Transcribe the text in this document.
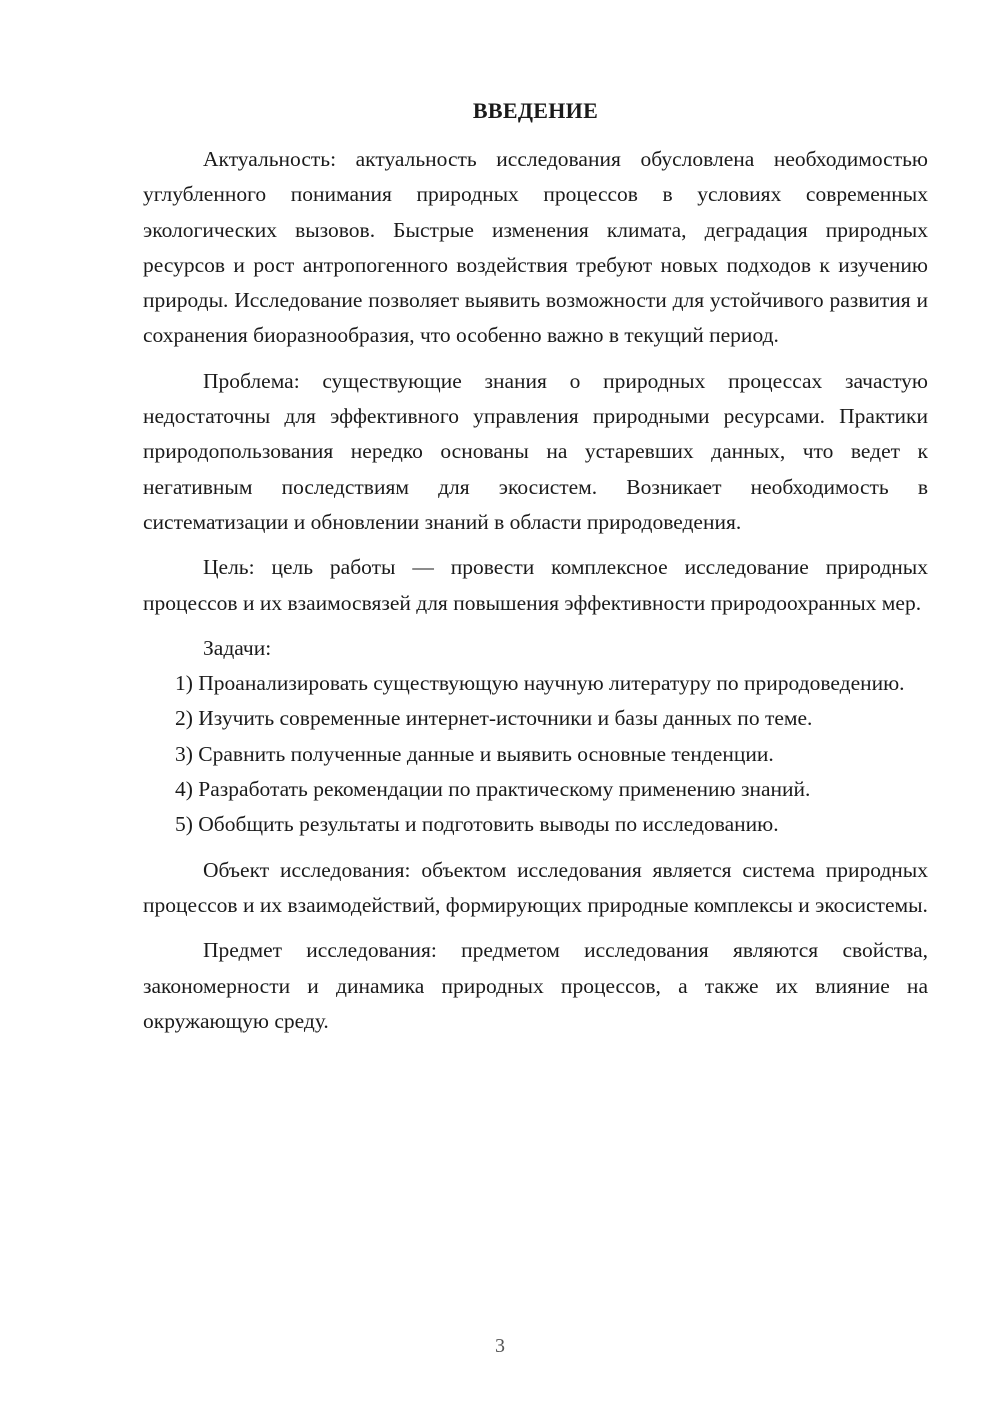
ВВЕДЕНИЕ

Актуальность: актуальность исследования обусловлена необходимостью углубленного понимания природных процессов в условиях современных экологических вызовов. Быстрые изменения климата, деградация природных ресурсов и рост антропогенного воздействия требуют новых подходов к изучению природы. Исследование позволяет выявить возможности для устойчивого развития и сохранения биоразнообразия, что особенно важно в текущий период.

Проблема: существующие знания о природных процессах зачастую недостаточны для эффективного управления природными ресурсами. Практики природопользования нередко основаны на устаревших данных, что ведет к негативным последствиям для экосистем. Возникает необходимость в систематизации и обновлении знаний в области природоведения.

Цель: цель работы — провести комплексное исследование природных процессов и их взаимосвязей для повышения эффективности природоохранных мер.

Задачи:

1) Проанализировать существующую научную литературу по природоведению.

2) Изучить современные интернет-источники и базы данных по теме.

3) Сравнить полученные данные и выявить основные тенденции.

4) Разработать рекомендации по практическому применению знаний.

5) Обобщить результаты и подготовить выводы по исследованию.

Объект исследования: объектом исследования является система природных процессов и их взаимодействий, формирующих природные комплексы и экосистемы.

Предмет исследования: предметом исследования являются свойства, закономерности и динамика природных процессов, а также их влияние на окружающую среду.

3
